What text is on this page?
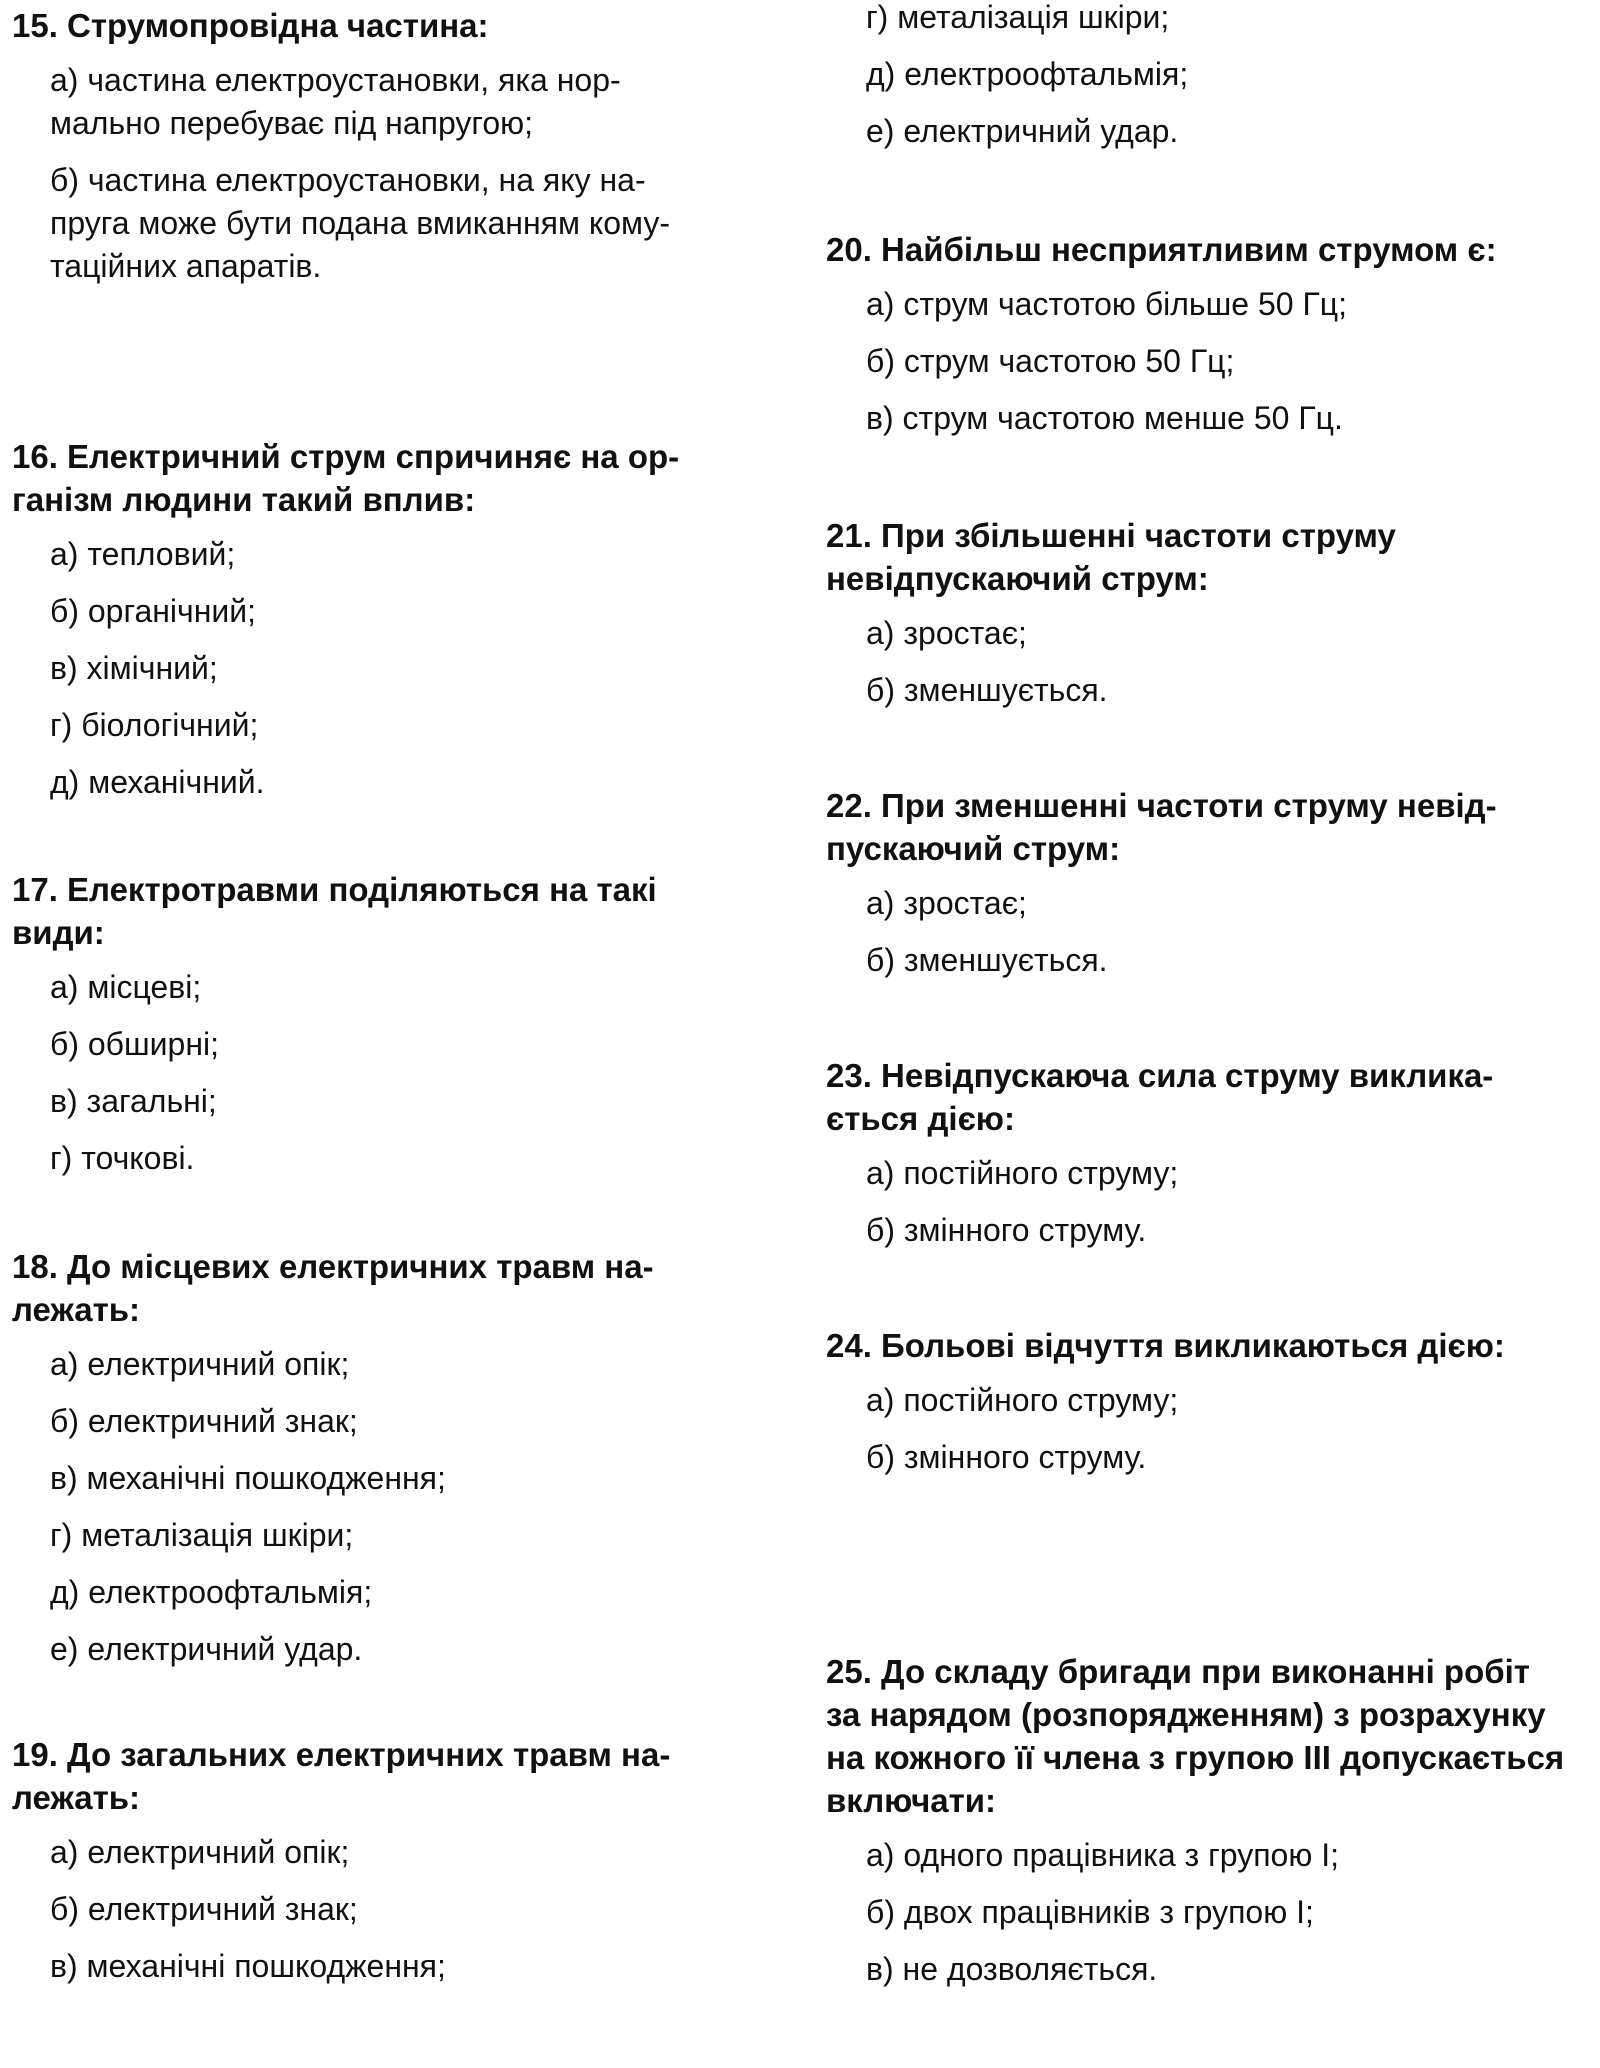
15. Струмопровідна частина:
а) частина електроустановки, яка нор-
мально перебуває під напругою;
б) частина електроустановки, на яку на-
пруга може бути подана вмиканням кому-
таційних апаратів.
16. Електричний струм спричиняє на ор-
ганізм людини такий вплив:
а) тепловий;
б) органічний;
в) хімічний;
г) біологічний;
д) механічний.
17. Електротравми поділяються на такі
види:
а) місцеві;
б) обширні;
в) загальні;
г) точкові.
18. До місцевих електричних травм на-
лежать:
а) електричний опік;
б) електричний знак;
в) механічні пошкодження;
г) металізація шкіри;
д) електроофтальмія;
е) електричний удар.
19. До загальних електричних травм на-
лежать:
а) електричний опік;
б) електричний знак;
в) механічні пошкодження;
г) металізація шкіри;
д) електроофтальмія;
е) електричний удар.
20. Найбільш несприятливим струмом є:
а) струм частотою більше 50 Гц;
б) струм частотою 50 Гц;
в) струм частотою менше 50 Гц.
21. При збільшенні частоти струму
невідпускаючий струм:
а) зростає;
б) зменшується.
22. При зменшенні частоти струму невід-
пускаючий струм:
а) зростає;
б) зменшується.
23. Невідпускаюча сила струму виклика-
ється дією:
а) постійного струму;
б) змінного струму.
24. Больові відчуття викликаються дією:
а) постійного струму;
б) змінного струму.
25. До складу бригади при виконанні робіт
за нарядом (розпорядженням) з розрахунку
на кожного її члена з групою III допускається
включати:
а) одного працівника з групою I;
б) двох працівників з групою I;
в) не дозволяється.
